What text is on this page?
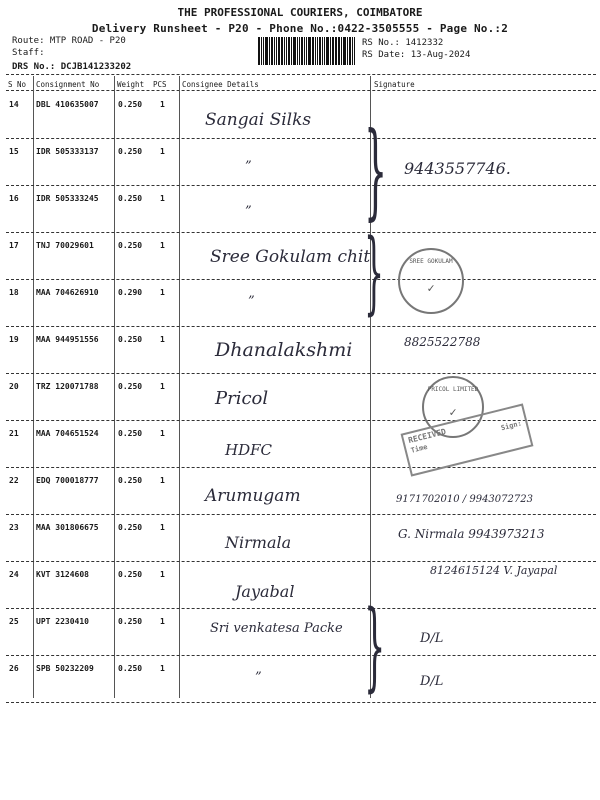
THE PROFESSIONAL COURIERS, COIMBATORE
Delivery Runsheet - P20 - Phone No.:0422-3505555 - Page No.:2
Route: MTP ROAD - P20
Staff:
DRS No.: DCJB141233202
RS No.: 1412332
RS Date: 13-Aug-2024
S No Consignment No Weight PCS Consignee Details	Signature
14 DBL 410635007 0.250 1
Sangai Silks
15 IDR 505333137 0.250 1
”	9443557746.
16 IDR 505333245 0.250 1
”
17 TNJ 70029601	0.250 1
Sree Gokulam chit
18 MAA 704626910 0.290 1
”
19 MAA 944951556 0.250 1	Dhanalakshmi	8825522788
20 TRZ 120071788 0.250 1
Pricol
21 MAA 704651524 0.250 1
HDFC
22 EDQ 700018777 0.250 1
Arumugam	9171702010 / 9943072723
23 MAA 301806675 0.250 1
Nirmala	G. Nirmala 9943973213
24 KVT 3124608	0.250 1
Jayabal
8124615124 V. Jayapal
25 UPT 2230410	0.250 1	Sri venkatesa Packe
D/L
26 SPB 50232209	0.250 1
”	D/L
}
}
}
SREE GOKULAM
✓
PRICOL LIMITED
✓
RECEIVED
Time
Sign:
